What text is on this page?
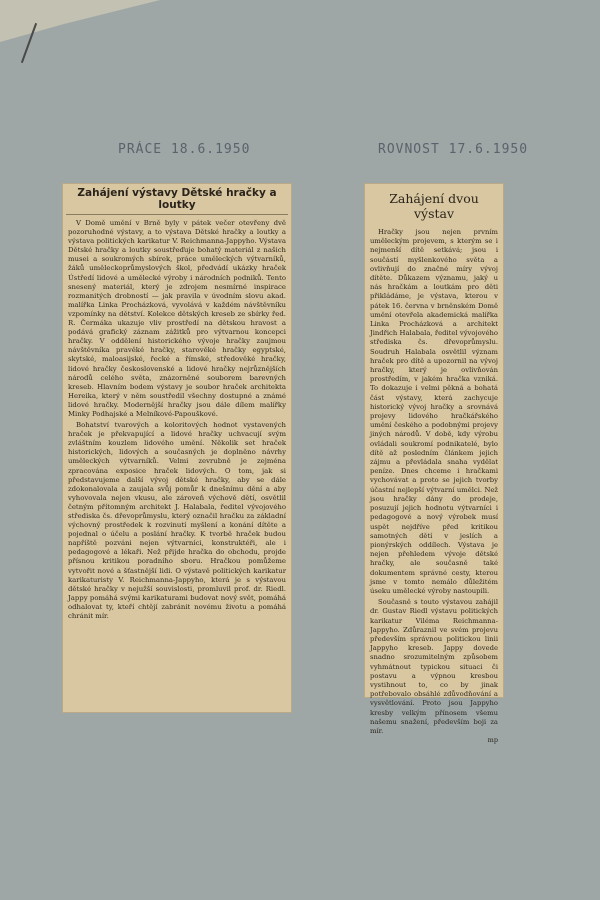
PRÁCE 18.6.1950	ROVNOST 17.6.1950
Zahájení výstavy Dětské hračky a loutky

V Domě umění v Brně byly v pátek večer otevřeny dvě pozoruhodné výstavy, a to výstava Dětské hračky a loutky a výstava politických karikatur V. Reichmanna-Jappyho. Výstava Dětské hračky a loutky soustřeďuje bohatý materiál z našich musei a soukromých sbírek, práce uměleckých výtvarníků, žáků uměleckoprůmyslových škol, předvádí ukázky hraček Ústředí lidové a umělecké výroby i národních podniků. Tento snesený materiál, který je zdrojem nesmírné inspirace rozmanitých drobností — jak pravila v úvodním slovu akad. malířka Linka Procházková, vyvolává v každém návštěvníku vzpomínky na dětství. Kolekce dětských kreseb ze sbírky řed. R. Čermáka ukazuje vliv prostředí na dětskou hravost a podává grafický záznam zážitků pro výtvarnou koncepci hračky. V oddělení historického vývoje hračky zaujmou návštěvníka pravěké hračky, starověké hračky egyptské, skytské, maloasijské, řecké a římské, středověké hračky, lidové hračky československé a lidové hračky nejrůznějších národů celého světa, znázorněné souborem barevných kreseb. Hlavním bodem výstavy je soubor hraček architekta Hereika, který v něm soustředil všechny dostupné a známé lidové hračky. Modernější hračky jsou dále dílem malířky Minky Podhajské a Melníkové-Papouškové.

Bohatství tvarových a koloritových hodnot vystavených hraček je překvapující a lidové hračky uchvacují svým zvláštním kouzlem lidového umění. Několik set hraček historických, lidových a současných je doplněno návrhy uměleckých výtvarníků. Velmi zevrubně je zejména zpracována exposice hraček lidových. O tom, jak si představujeme další vývoj dětské hračky, aby se dále zdokonalovala a zaujala svůj pomůr k dnešnímu dění a aby vyhovovala nejen vkusu, ale zároveň výchově dětí, osvětlil četným přítomným architekt J. Halabala, ředitel vývojového střediska čs. dřevoprůmyslu, který označil hračku za základní výchovný prostředek k rozvinutí myšlení a konání dítěte a pojednal o účelu a poslání hračky. K tvorbě hraček budou napříště pozváni nejen výtvarníci, konstruktéři, ale i pedagogové a lékaři. Než přijde hračka do obchodu, projde přísnou kritikou poradního sboru. Hračkou pomůžeme vytvořit nové a šťastnější lidi. O výstavě politických karikatur karikaturisty V. Reichmanna-Jappyho, která je s výstavou dětské hračky v nejužší souvislosti, promluvil prof. dr. Riedl. Jappy pomáhá svými karikaturami budovat nový svět, pomáhá odhalovat ty, kteří chtějí zabránit novému životu a pomáhá chránit mír.

Zahájení dvou výstav

Hračky jsou nejen prvním uměleckým projevem, s kterým se i nejmenší dítě setkává; jsou i součástí myšlenkového světa a ovlivňují do značné míry vývoj dítěte. Důkazem významu, jaký u nás hračkám a loutkám pro děti přikládáme, je výstava, kterou v pátek 16. června v brněnském Domě umění otevřela akademická malířka Linka Procházková a architekt Jindřich Halabala, ředitel vývojového střediska čs. dřevoprůmyslu. Soudruh Halabala osvětlil význam hraček pro dítě a upozornil na vývoj hračky, který je ovlivňován prostředím, v jakém hračka vzniká. To dokazuje i velmi pěkná a bohatá část výstavy, která zachycuje historický vývoj hračky a srovnává projevy lidového hračkářského umění českého a podobnými projevy jiných národů. V době, kdy výrobu ovládali soukromí podnikatelé, bylo dítě až posledním článkem jejich zájmu a převládala snaha vydělat peníze. Dnes chceme i hračkami vychovávat a proto se jejich tvorby účastní nejlepší výtvarní umělci. Než jsou hračky dány do prodeje, posuzují jejich hodnotu výtvarníci i pedagogové a nový výrobek musí uspět nejdříve před kritikou samotných dětí v jeslích a pionýrských oddílech. Výstava je nejen přehledem vývoje dětské hračky, ale současně také dokumentem správné cesty, kterou jsme v tomto nemálo důležitém úseku umělecké výroby nastoupili.

Současně s touto výstavou zahájil dr. Gustav Riedl výstavu politických karikatur Viléma Reichmanna-Jappyho. Zdůraznil ve svém projevu především správnou politickou linii Jappyho kreseb. Jappy dovede snadno srozumitelným způsobem vyhmátnout typickou situaci či postavu a výpnou kresbou vystihnout to, co by jinak potřebovalo obsáhlé zdůvodňování a vysvětlování. Proto jsou Jappyho kresby velkým přínosem všemu našemu snažení, především boji za mír.

mp
